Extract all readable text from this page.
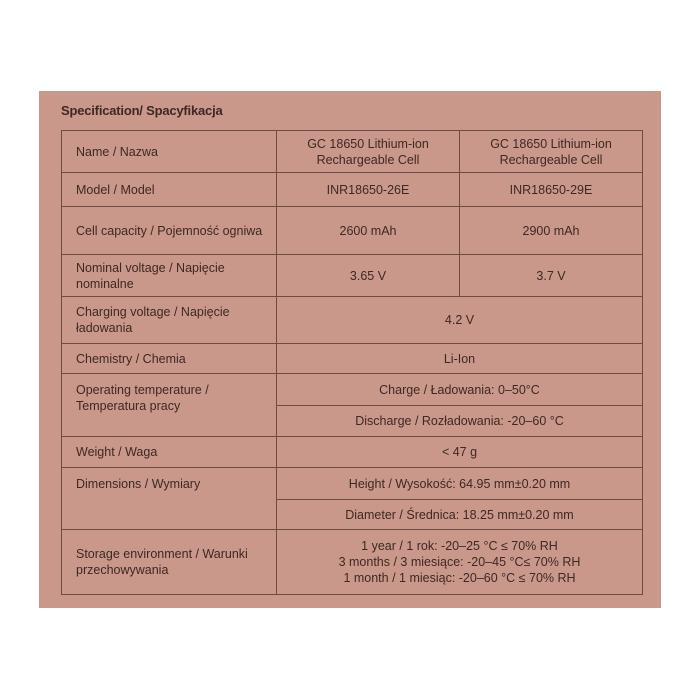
Specification/ Spacyfikacja
Name / Nazwa	GC 18650 Lithium-ion Rechargeable Cell	GC 18650 Lithium-ion Rechargeable Cell
Model / Model	INR18650-26E	INR18650-29E
Cell capacity / Pojemność ogniwa	2600 mAh	2900 mAh
Nominal voltage / Napięcie nominalne	3.65 V	3.7 V
Charging voltage / Napięcie ładowania	4.2 V	
Chemistry / Chemia	Li-Ion	
Operating temperature / Temperatura pracy	Charge / Ładowania: 0–50°C	
	Discharge / Rozładowania: -20–60 °C	
Weight / Waga	< 47 g	
Dimensions / Wymiary	Height / Wysokość: 64.95 mm±0.20 mm	
	Diameter / Średnica: 18.25 mm±0.20 mm	
Storage environment / Warunki przechowywania	1 year / 1 rok: -20–25 °C ≤ 70% RH
3 months / 3 miesiące: -20–45 °C≤ 70% RH
1 month / 1 miesiąc: -20–60 °C ≤ 70% RH	
